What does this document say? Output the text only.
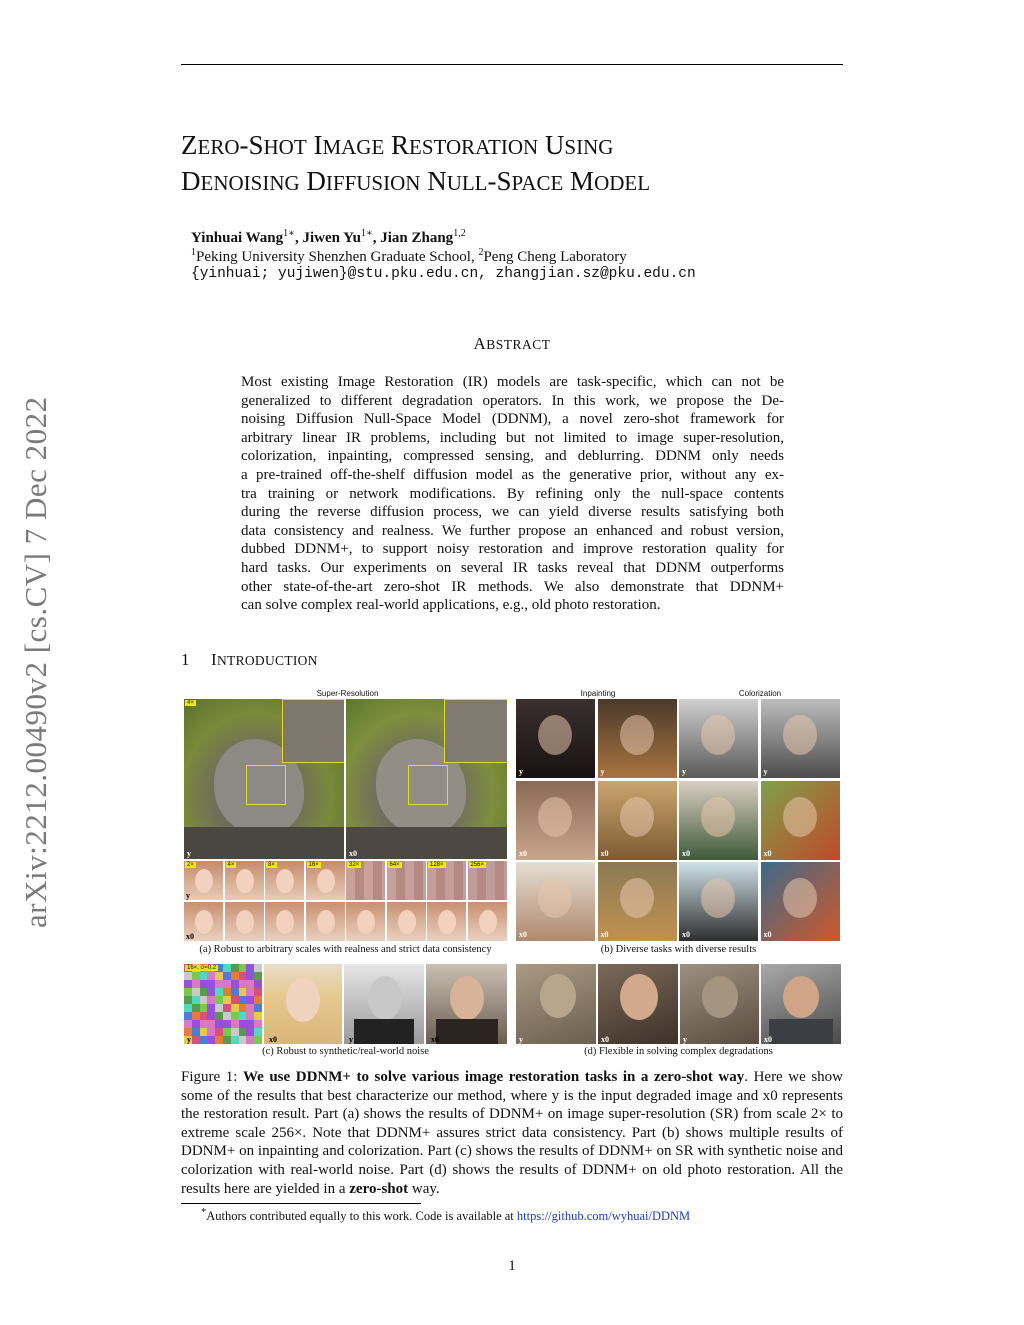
arXiv:2212.00490v2 [cs.CV] 7 Dec 2022
ZERO-SHOT IMAGE RESTORATION USING
DENOISING DIFFUSION NULL-SPACE MODEL
Yinhuai Wang$^{1∗}$, Jiwen $Yu^{1∗}$, Jian Zhang$^{1,2}$
$^1$Peking University Shenzhen Graduate School, $^2$Peng Cheng Laboratory
{yinhuai; yujiwen}@stu.pku.edu.cn, zhangjian.sz@pku.edu.cn
ABSTRACT
Most existing Image Restoration (IR) models are task-specific, which can not be
generalized to different degradation operators. In this work, we propose the De-
noising Diffusion Null-Space Model (DDNM), a novel zero-shot framework for
arbitrary linear IR problems, including but not limited to image super-resolution,
colorization, inpainting, compressed sensing, and deblurring. DDNM only needs
a pre-trained off-the-shelf diffusion model as the generative prior, without any ex-
tra training or network modifications. By refining only the null-space contents
during the reverse diffusion process, we can yield diverse results satisfying both
data consistency and realness. We further propose an enhanced and robust version,
dubbed DDNM+, to support noisy restoration and improve restoration quality for
hard tasks. Our experiments on several IR tasks reveal that DDNM outperforms
other state-of-the-art zero-shot IR methods. We also demonstrate that DDNM+
can solve complex real-world applications, e.g., old photo restoration.
1 INTRODUCTION
Super-Resolution	Inpainting	Colorization
4×
y	x0
2×	4×	8×	16×	32×	64×	128×	256×
y
x0
(a) Robust to arbitrary scales with realness and strict data consistency
y	y	y	y
x0	x0	x0	x0
x0	x0	x0	x0
(b) Diverse tasks with diverse results
16×, σ=0.2
y	x0	y	x0
(c) Robust to synthetic/real-world noise
y	x0	y	x0
(d) Flexible in solving complex degradations
Figure 1: We use DDNM+ to solve various image restoration tasks in a zero-shot way. Here we show some of the results that best characterize our method, where y is the input degraded image and x0 represents the restoration result. Part (a) shows the results of DDNM+ on image super-resolution (SR) from scale 2× to extreme scale 256×. Note that DDNM+ assures strict data consistency. Part (b) shows multiple results of DDNM+ on inpainting and colorization. Part (c) shows the results of DDNM+ on SR with synthetic noise and colorization with real-world noise. Part (d) shows the results of DDNM+ on old photo restoration. All the results here are yielded in a zero-shot way.
*Authors contributed equally to this work. Code is available at https://github.com/wyhuai/DDNM
1
